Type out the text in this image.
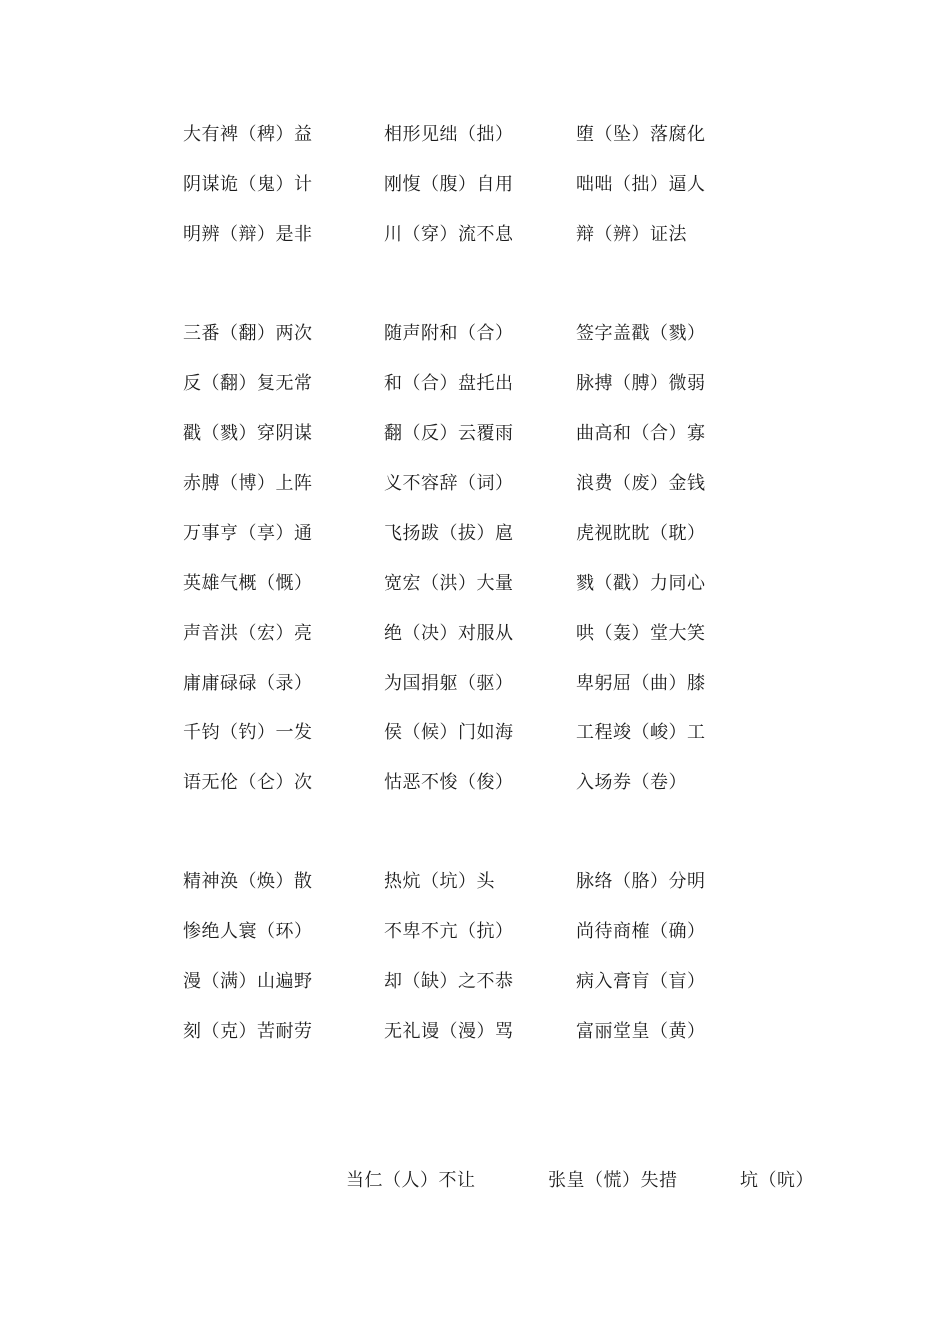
大有裨（稗）益	相形见绌（拙）	堕（坠）落腐化
阴谋诡（鬼）计	刚愎（腹）自用	咄咄（拙）逼人
明辨（辩）是非	川（穿）流不息	辩（辨）证法
三番（翻）两次	随声附和（合）	签字盖戳（戮）
反（翻）复无常	和（合）盘托出	脉搏（膊）微弱
戳（戮）穿阴谋	翻（反）云覆雨	曲高和（合）寡
赤膊（博）上阵	义不容辞（词）	浪费（废）金钱
万事亨（享）通	飞扬跋（拔）扈	虎视眈眈（耽）
英雄气概（慨）	宽宏（洪）大量	戮（戳）力同心
声音洪（宏）亮	绝（决）对服从	哄（轰）堂大笑
庸庸碌碌（录）	为国捐躯（驱）	卑躬屈（曲）膝
千钧（钓）一发	侯（候）门如海	工程竣（峻）工
语无伦（仑）次	怙恶不悛（俊）	入场券（卷）
精神涣（焕）散	热炕（坑）头	脉络（胳）分明
惨绝人寰（环）	不卑不亢（抗）	尚待商榷（确）
漫（满）山遍野	却（缺）之不恭	病入膏肓（盲）
刻（克）苦耐劳	无礼谩（漫）骂	富丽堂皇（黄）
当仁（人）不让	张皇（慌）失措	坑（吭）
